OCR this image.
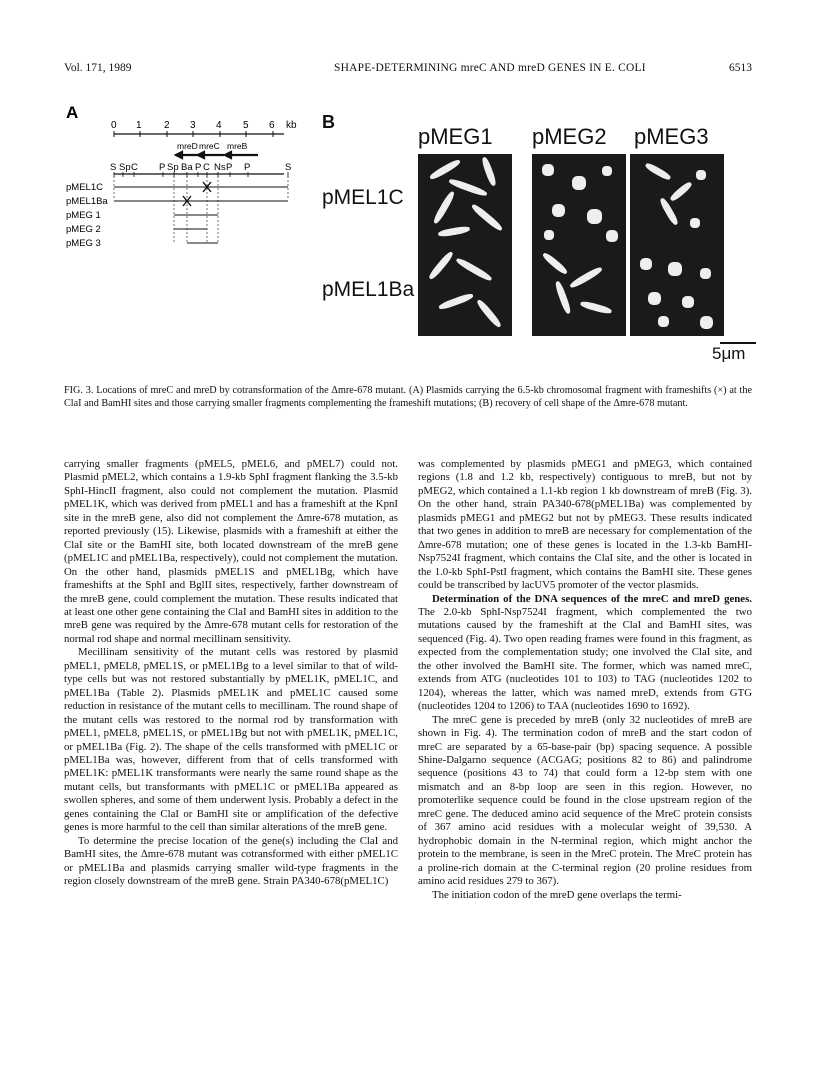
Vol. 171, 1989	SHAPE-DETERMINING mreC AND mreD GENES IN E. COLI	6513
A
0 1 2 3 4 5 6 kb
mreD mreC mreB
S Sp C P Sp Ba P C Ns P P	S
pMEL1C
pMEL1Ba
pMEG 1
pMEG 2
pMEG 3
B
pMEG1 pMEG2 pMEG3
pMEL1C
pMEL1Ba
5μm
FIG. 3. Locations of mreC and mreD by cotransformation of the Δmre-678 mutant. (A) Plasmids carrying the 6.5-kb chromosomal fragment with frameshifts (×) at the ClaI and BamHI sites and those carrying smaller fragments complementing the frameshift mutations; (B) recovery of cell shape of the Δmre-678 mutant.

carrying smaller fragments (pMEL5, pMEL6, and pMEL7) could not. Plasmid pMEL2, which contains a 1.9-kb SphI fragment flanking the 3.5-kb SphI-HincII fragment, also could not complement the mutation. Plasmid pMEL1K, which was derived from pMEL1 and has a frameshift at the KpnI site in the mreB gene, also did not complement the Δmre-678 mutation, as reported previously (15). Likewise, plasmids with a frameshift at either the ClaI site or the BamHI site, both located downstream of the mreB gene (pMEL1C and pMEL1Ba, respectively), could not complement the mutation. On the other hand, plasmids pMEL1S and pMEL1Bg, which have frameshifts at the SphI and BglII sites, respectively, farther downstream of the mreB gene, could complement the mutation. These results indicated that at least one other gene containing the ClaI and BamHI sites in addition to the mreB gene was required by the Δmre-678 mutant cells for restoration of the normal rod shape and normal mecillinam sensitivity.

Mecillinam sensitivity of the mutant cells was restored by plasmid pMEL1, pMEL8, pMEL1S, or pMEL1Bg to a level similar to that of wild-type cells but was not restored substantially by pMEL1K, pMEL1C, and pMEL1Ba (Table 2). Plasmids pMEL1K and pMEL1C caused some reduction in resistance of the mutant cells to mecillinam. The round shape of the mutant cells was restored to the normal rod by transformation with pMEL1, pMEL8, pMEL1S, or pMEL1Bg but not with pMEL1K, pMEL1C, or pMEL1Ba (Fig. 2). The shape of the cells transformed with pMEL1C or pMEL1Ba was, however, different from that of cells transformed with pMEL1K: pMEL1K transformants were nearly the same round shape as the mutant cells, but transformants with pMEL1C or pMEL1Ba appeared as swollen spheres, and some of them underwent lysis. Probably a defect in the genes containing the ClaI or BamHI site or amplification of the defective genes is more harmful to the cell than similar alterations of the mreB gene.

To determine the precise location of the gene(s) including the ClaI and BamHI sites, the Δmre-678 mutant was cotransformed with either pMEL1C or pMEL1Ba and plasmids carrying smaller wild-type fragments in the region closely downstream of the mreB gene. Strain PA340-678(pMEL1C)

was complemented by plasmids pMEG1 and pMEG3, which contained regions (1.8 and 1.2 kb, respectively) contiguous to mreB, but not by pMEG2, which contained a 1.1-kb region 1 kb downstream of mreB (Fig. 3). On the other hand, strain PA340-678(pMEL1Ba) was complemented by plasmids pMEG1 and pMEG2 but not by pMEG3. These results indicated that two genes in addition to mreB are necessary for complementation of the Δmre-678 mutation; one of these genes is located in the 1.3-kb BamHI-Nsp7524I fragment, which contains the ClaI site, and the other is located in the 1.0-kb SphI-PstI fragment, which contains the BamHI site. These genes could be transcribed by lacUV5 promoter of the vector plasmids.

Determination of the DNA sequences of the mreC and mreD genes. The 2.0-kb SphI-Nsp7524I fragment, which complemented the two mutations caused by the frameshift at the ClaI and BamHI sites, was sequenced (Fig. 4). Two open reading frames were found in this fragment, as expected from the complementation study; one involved the ClaI site, and the other involved the BamHI site. The former, which was named mreC, extends from ATG (nucleotides 101 to 103) to TAG (nucleotides 1202 to 1204), whereas the latter, which was named mreD, extends from GTG (nucleotides 1204 to 1206) to TAA (nucleotides 1690 to 1692).

The mreC gene is preceded by mreB (only 32 nucleotides of mreB are shown in Fig. 4). The termination codon of mreB and the start codon of mreC are separated by a 65-base-pair (bp) spacing sequence. A possible Shine-Dalgarno sequence (ACGAG; positions 82 to 86) and palindrome sequence (positions 43 to 74) that could form a 12-bp stem with one mismatch and an 8-bp loop are seen in this region. However, no promoterlike sequence could be found in the close upstream region of the mreC gene. The deduced amino acid sequence of the MreC protein consists of 367 amino acid residues with a molecular weight of 39,530. A hydrophobic domain in the N-terminal region, which might anchor the protein to the membrane, is seen in the MreC protein. The MreC protein has a proline-rich domain at the C-terminal region (20 proline residues from amino acid residues 279 to 367).

The initiation codon of the mreD gene overlaps the termi-
